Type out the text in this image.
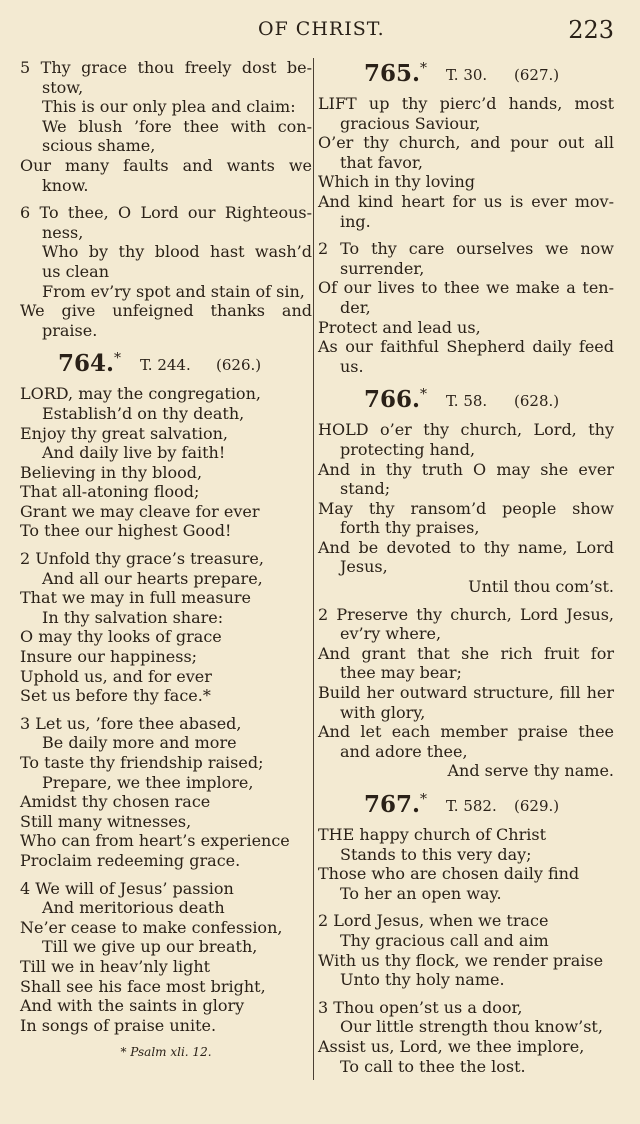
OF CHRIST.	223
5 Thy grace thou freely dost be-
stow,
This is our only plea and claim:
We blush ’fore thee with con-
scious shame,
Our many faults and wants we
know.
6 To thee, O Lord our Righteous-
ness,
Who by thy blood hast wash’d
us clean
From ev’ry spot and stain of sin,
We give unfeigned thanks and
praise.
764.* T. 244. (626.)
LORD, may the congregation,
Establish’d on thy death,
Enjoy thy great salvation,
And daily live by faith!
Believing in thy blood,
That all-atoning flood;
Grant we may cleave for ever
To thee our highest Good!
2 Unfold thy grace’s treasure,
And all our hearts prepare,
That we may in full measure
In thy salvation share:
O may thy looks of grace
Insure our happiness;
Uphold us, and for ever
Set us before thy face.*
3 Let us, ’fore thee abased,
Be daily more and more
To taste thy friendship raised;
Prepare, we thee implore,
Amidst thy chosen race
Still many witnesses,
Who can from heart’s experience
Proclaim redeeming grace.
4 We will of Jesus’ passion
And meritorious death
Ne’er cease to make confession,
Till we give up our breath,
Till we in heav’nly light
Shall see his face most bright,
And with the saints in glory
In songs of praise unite.
* Psalm xli. 12.
765.* T. 30. (627.)
LIFT up thy pierc’d hands, most
gracious Saviour,
O’er thy church, and pour out all
that favor,
Which in thy loving
And kind heart for us is ever mov-
ing.
2 To thy care ourselves we now
surrender,
Of our lives to thee we make a ten-
der,
Protect and lead us,
As our faithful Shepherd daily feed
us.
766.* T. 58. (628.)
HOLD o’er thy church, Lord, thy
protecting hand,
And in thy truth O may she ever
stand;
May thy ransom’d people show
forth thy praises,
And be devoted to thy name, Lord
Jesus,
Until thou com’st.
2 Preserve thy church, Lord Jesus,
ev’ry where,
And grant that she rich fruit for
thee may bear;
Build her outward structure, fill her
with glory,
And let each member praise thee
and adore thee,
And serve thy name.
767.* T. 582. (629.)
THE happy church of Christ
Stands to this very day;
Those who are chosen daily find
To her an open way.
2 Lord Jesus, when we trace
Thy gracious call and aim
With us thy flock, we render praise
Unto thy holy name.
3 Thou open’st us a door,
Our little strength thou know’st,
Assist us, Lord, we thee implore,
To call to thee the lost.
